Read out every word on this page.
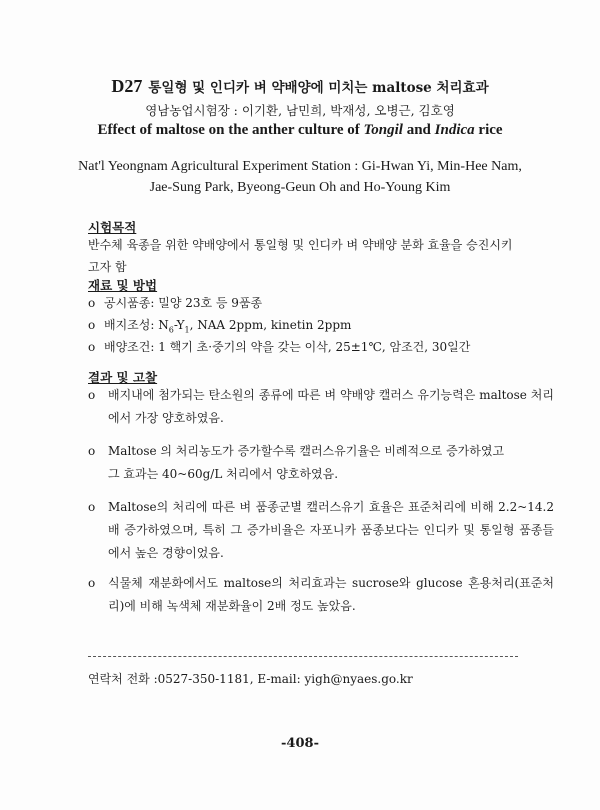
D27 통일형 및 인디카 벼 약배양에 미치는 maltose 처리효과
영남농업시험장 : 이기환, 남민희, 박재성, 오병근, 김호영
Effect of maltose on the anther culture of Tongil and Indica rice
Nat'l Yeongnam Agricultural Experiment Station : Gi-Hwan Yi, Min-Hee Nam,
Jae-Sung Park, Byeong-Geun Oh and Ho-Young Kim
시험목적
반수체 육종을 위한 약배양에서 통일형 및 인디카 벼 약배양 분화 효율을 승진시키
고자 함
재료 및 방법
o 공시품종: 밀양 23호 등 9품종
o 배지조성: $N_6-Y_1$, NAA 2ppm, kinetin 2ppm
o 배양조건: 1 핵기 초·중기의 약을 갖는 이삭, 25±1℃, 암조건, 30일간
결과 및 고찰
o 배지내에 첨가되는 탄소원의 종류에 따른 벼 약배양 캘러스 유기능력은 maltose 처리에서 가장 양호하였음.
o Maltose 의 처리농도가 증가할수록 캘러스유기율은 비례적으로 증가하였고
그 효과는 40~60g/L 처리에서 양호하였음.
o Maltose의 처리에 따른 벼 품종군별 캘러스유기 효율은 표준처리에 비해 2.2~14.2배 증가하였으며, 특히 그 증가비율은 자포니카 품종보다는 인디카 및 통일형 품종들에서 높은 경향이었음.
o 식물체 재분화에서도 maltose의 처리효과는 sucrose와 glucose 혼용처리(표준처리)에 비해 녹색체 재분화율이 2배 정도 높았음.
연락처 전화 :0527-350-1181, E-mail: yigh@nyaes.go.kr
-408-
